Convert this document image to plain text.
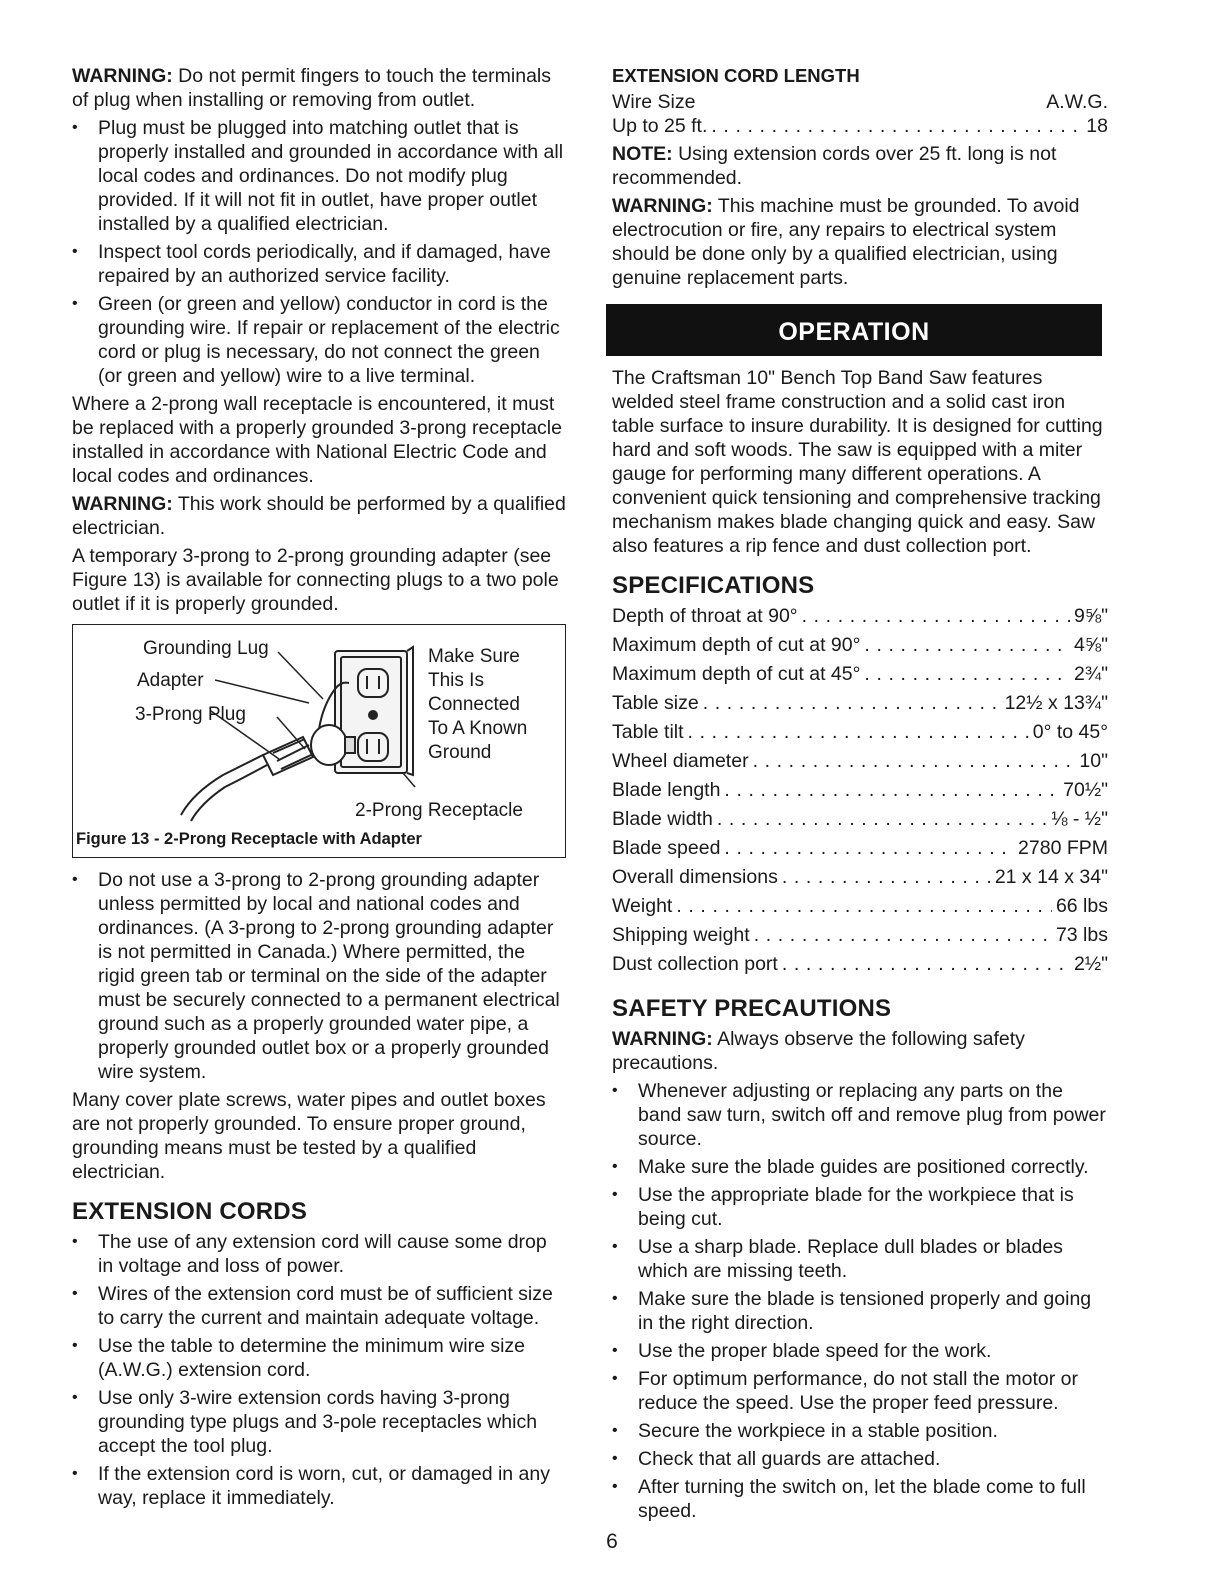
WARNING: Do not permit fingers to touch the terminals of plug when installing or removing from outlet.

• Plug must be plugged into matching outlet that is properly installed and grounded in accordance with all local codes and ordinances. Do not modify plug provided. If it will not fit in outlet, have proper outlet installed by a qualified electrician.
• Inspect tool cords periodically, and if damaged, have repaired by an authorized service facility.
• Green (or green and yellow) conductor in cord is the grounding wire. If repair or replacement of the electric cord or plug is necessary, do not connect the green (or green and yellow) wire to a live terminal.

Where a 2-prong wall receptacle is encountered, it must be replaced with a properly grounded 3-prong receptacle installed in accordance with National Electric Code and local codes and ordinances.

WARNING: This work should be performed by a qualified electrician.

A temporary 3-prong to 2-prong grounding adapter (see Figure 13) is available for connecting plugs to a two pole outlet if it is properly grounded.

Grounding Lug
Adapter
3-Prong Plug
Make Sure
This Is
Connected
To A Known
Ground
2-Prong Receptacle
Figure 13 - 2-Prong Receptacle with Adapter
• Do not use a 3-prong to 2-prong grounding adapter unless permitted by local and national codes and ordinances. (A 3-prong to 2-prong grounding adapter is not permitted in Canada.) Where permitted, the rigid green tab or terminal on the side of the adapter must be securely connected to a permanent electrical ground such as a properly grounded water pipe, a properly grounded outlet box or a properly grounded wire system.

Many cover plate screws, water pipes and outlet boxes are not properly grounded. To ensure proper ground, grounding means must be tested by a qualified electrician.

EXTENSION CORDS
• The use of any extension cord will cause some drop in voltage and loss of power.
• Wires of the extension cord must be of sufficient size to carry the current and maintain adequate voltage.
• Use the table to determine the minimum wire size (A.W.G.) extension cord.
• Use only 3-wire extension cords having 3-prong grounding type plugs and 3-pole receptacles which accept the tool plug.
• If the extension cord is worn, cut, or damaged in any way, replace it immediately.
EXTENSION CORD LENGTH
Wire Size	A.W.G.
Up to 25 ft. . . .	18

NOTE: Using extension cords over 25 ft. long is not recommended.

WARNING: This machine must be grounded. To avoid electrocution or fire, any repairs to electrical system should be done only by a qualified electrician, using genuine replacement parts.

OPERATION

The Craftsman 10" Bench Top Band Saw features welded steel frame construction and a solid cast iron table surface to insure durability. It is designed for cutting hard and soft woods. The saw is equipped with a miter gauge for performing many different operations. A convenient quick tensioning and comprehensive tracking mechanism makes blade changing quick and easy. Saw also features a rip fence and dust collection port.

SPECIFICATIONS
Depth of throat at 90° . . .	9⅝"
Maximum depth of cut at 90° . . .	4⅝"
Maximum depth of cut at 45° . . .	2¾"
Table size . . .	12½ x 13¾"
Table tilt . . .	0° to 45°
Wheel diameter . . .	10"
Blade length . . .	70½"
Blade width . . .	⅛ - ½"
Blade speed . . .	2780 FPM
Overall dimensions . . .	21 x 14 x 34"
Weight . . .	66 lbs
Shipping weight . . .	73 lbs
Dust collection port . . .	2½"
SAFETY PRECAUTIONS

WARNING: Always observe the following safety precautions.

• Whenever adjusting or replacing any parts on the band saw turn, switch off and remove plug from power source.
• Make sure the blade guides are positioned correctly.
• Use the appropriate blade for the workpiece that is being cut.
• Use a sharp blade. Replace dull blades or blades which are missing teeth.
• Make sure the blade is tensioned properly and going in the right direction.
• Use the proper blade speed for the work.
• For optimum performance, do not stall the motor or reduce the speed. Use the proper feed pressure.
• Secure the workpiece in a stable position.
• Check that all guards are attached.
• After turning the switch on, let the blade come to full speed.
6
